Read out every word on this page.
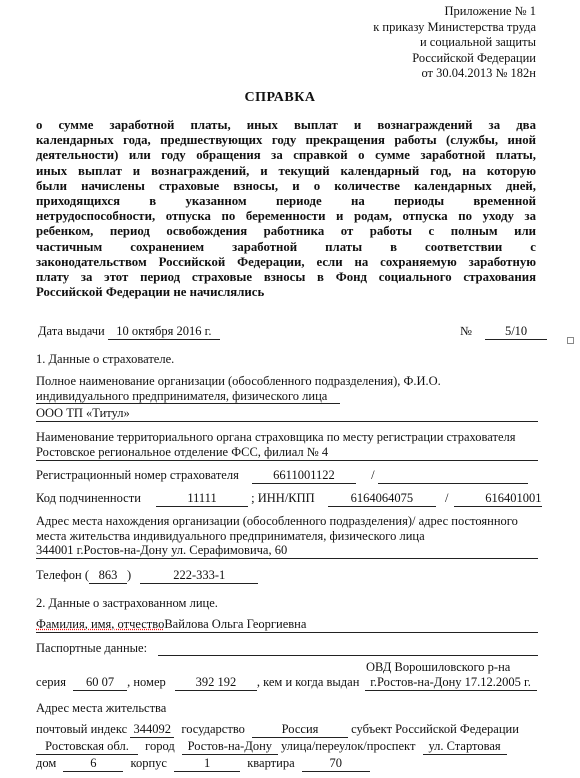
Приложение № 1
к приказу Министерства труда
и социальной защиты
Российской Федерации
от 30.04.2013 № 182н
СПРАВКА
о сумме заработной платы, иных выплат и вознаграждений за два
календарных года, предшествующих году прекращения работы (службы, иной
деятельности) или году обращения за справкой о сумме заработной платы,
иных выплат и вознаграждений, и текущий календарный год, на которую
были начислены страховые взносы, и о количестве календарных дней,
приходящихся в указанном периоде на периоды временной
нетрудоспособности, отпуска по беременности и родам, отпуска по уходу за
ребенком, период освобождения работника от работы с полным или
частичным сохранением заработной платы в соответствии с
законодательством Российской Федерации, если на сохраняемую заработную
плату за этот период страховые взносы в Фонд социального страхования
Российской Федерации не начислялись
Дата выдачи 10 октября 2016 г.	№	5/10
1. Данные о страхователе.
Полное наименование организации (обособленного подразделения), Ф.И.О.
индивидуального предпринимателя, физического лица
ООО ТП «Титул»
Наименование территориального органа страховщика по месту регистрации страхователя
Ростовское региональное отделение ФСС, филиал № 4
Регистрационный номер страхователя	6611001122	/
Код подчиненности	11111	; ИНН/КПП	6164064075	/	616401001
Адрес места нахождения организации (обособленного подразделения)/ адрес постоянного
места жительства индивидуального предпринимателя, физического лица
344001 г.Ростов-на-Дону ул. Серафимовича, 60
Телефон ( 863 )	222-333-1
2. Данные о застрахованном лице.
Фамилия, имя, отчествоВайлова Ольга Георгиевна
Паспортные данные:
ОВД Ворошиловского р-на
серия 60 07 , номер 392 192 , кем и когда выдан г.Ростов-на-Дону 17.12.2005 г.
Адрес места жительства
почтовый индекс 344092 государство	Россия	субъект Российской Федерации
Ростовская обл. город Ростов-на-Дону улица/переулок/проспект ул. Стартовая
дом	6	корпус	1	квартира	70
